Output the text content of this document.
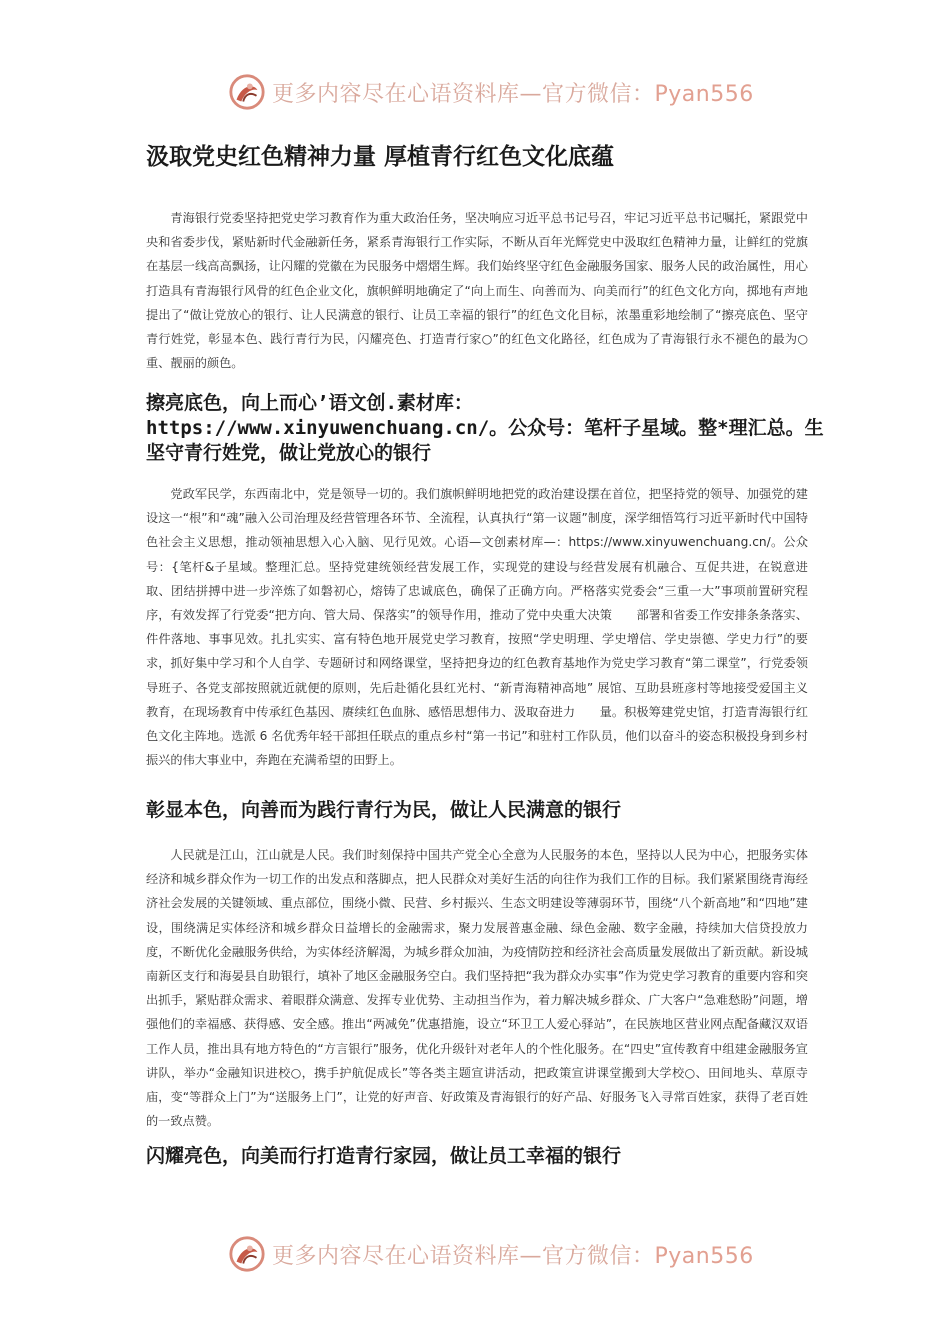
更多内容尽在心语资料库—官方微信：Pyan556
汲取党史红色精神力量 厚植青行红色文化底蕴

青海银行党委坚持把党史学习教育作为重大政治任务，坚决响应习近平总书记号召，牢记习近平总书记嘱托，紧跟党中央和省委步伐，紧贴新时代金融新任务，紧系青海银行工作实际，不断从百年光辉党史中汲取红色精神力量，让鲜红的党旗在基层一线高高飘扬，让闪耀的党徽在为民服务中熠熠生辉。我们始终坚守红色金融服务国家、服务人民的政治属性，用心打造具有青海银行风骨的红色企业文化，旗帜鲜明地确定了“向上而生、向善而为、向美而行”的红色文化方向，掷地有声地提出了“做让党放心的银行、让人民满意的银行、让员工幸福的银行”的红色文化目标，浓墨重彩地绘制了“擦亮底色、坚守青行姓党，彰显本色、践行青行为民，闪耀亮色、打造青行家○”的红色文化路径，红色成为了青海银行永不褪色的最为○重、靓丽的颜色。

擦亮底色，向上而心’语文创.素材库：https://www.xinyuwenchuang.cn/。公众号：笔杆子星域。整*理汇总。生坚守青行姓党，做让党放心的银行

党政军民学，东西南北中，党是领导一切的。我们旗帜鲜明地把党的政治建设摆在首位，把坚持党的领导、加强党的建设这一“根”和“魂”融入公司治理及经营管理各环节、全流程，认真执行“第一议题”制度，深学细悟笃行习近平新时代中国特色社会主义思想，推动领袖思想入心入脑、见行见效。心语—文创素材库—：https://www.xinyuwenchuang.cn/。公众号：{笔杆&子星域。整理汇总。坚持党建统领经营发展工作，实现党的建设与经营发展有机融合、互促共进，在锐意进取、团结拼搏中进一步淬炼了如磐初心，熔铸了忠诚底色，确保了正确方向。严格落实党委会“三重一大”事项前置研究程序，有效发挥了行党委“把方向、管大局、保落实”的领导作用，推动了党中央重大决策　　部署和省委工作安排条条落实、件件落地、事事见效。扎扎实实、富有特色地开展党史学习教育，按照“学史明理、学史增信、学史崇德、学史力行”的要求，抓好集中学习和个人自学、专题研讨和网络课堂，坚持把身边的红色教育基地作为党史学习教育“第二课堂”，行党委领导班子、各党支部按照就近就便的原则，先后赴循化县红光村、“新青海精神高地” 展馆、互助县班彦村等地接受爱国主义教育，在现场教育中传承红色基因、赓续红色血脉、感悟思想伟力、汲取奋进力　　量。积极筹建党史馆，打造青海银行红色文化主阵地。选派 6 名优秀年轻干部担任联点的重点乡村“第一书记”和驻村工作队员，他们以奋斗的姿态积极投身到乡村振兴的伟大事业中，奔跑在充满希望的田野上。

彰显本色，向善而为践行青行为民，做让人民满意的银行

人民就是江山，江山就是人民。我们时刻保持中国共产党全心全意为人民服务的本色，坚持以人民为中心，把服务实体经济和城乡群众作为一切工作的出发点和落脚点，把人民群众对美好生活的向往作为我们工作的目标。我们紧紧围绕青海经济社会发展的关键领域、重点部位，围绕小微、民营、乡村振兴、生态文明建设等薄弱环节，围绕“八个新高地”和“四地”建设，围绕满足实体经济和城乡群众日益增长的金融需求，聚力发展普惠金融、绿色金融、数字金融，持续加大信贷投放力度，不断优化金融服务供给，为实体经济解渴，为城乡群众加油，为疫情防控和经济社会高质量发展做出了新贡献。新设城南新区支行和海晏县自助银行，填补了地区金融服务空白。我们坚持把“我为群众办实事”作为党史学习教育的重要内容和突出抓手，紧贴群众需求、着眼群众满意、发挥专业优势、主动担当作为，着力解决城乡群众、广大客户“急难愁盼”问题，增强他们的幸福感、获得感、安全感。推出“两减免”优惠措施，设立“环卫工人爱心驿站”，在民族地区营业网点配备藏汉双语工作人员，推出具有地方特色的“方言银行”服务，优化升级针对老年人的个性化服务。在“四史”宣传教育中组建金融服务宣讲队，举办“金融知识进校○，携手护航促成长”等各类主题宣讲活动，把政策宣讲课堂搬到大学校○、田间地头、草原寺庙，变“等群众上门”为“送服务上门”，让党的好声音、好政策及青海银行的好产品、好服务飞入寻常百姓家，获得了老百姓的一致点赞。

闪耀亮色，向美而行打造青行家园，做让员工幸福的银行
更多内容尽在心语资料库—官方微信：Pyan556
